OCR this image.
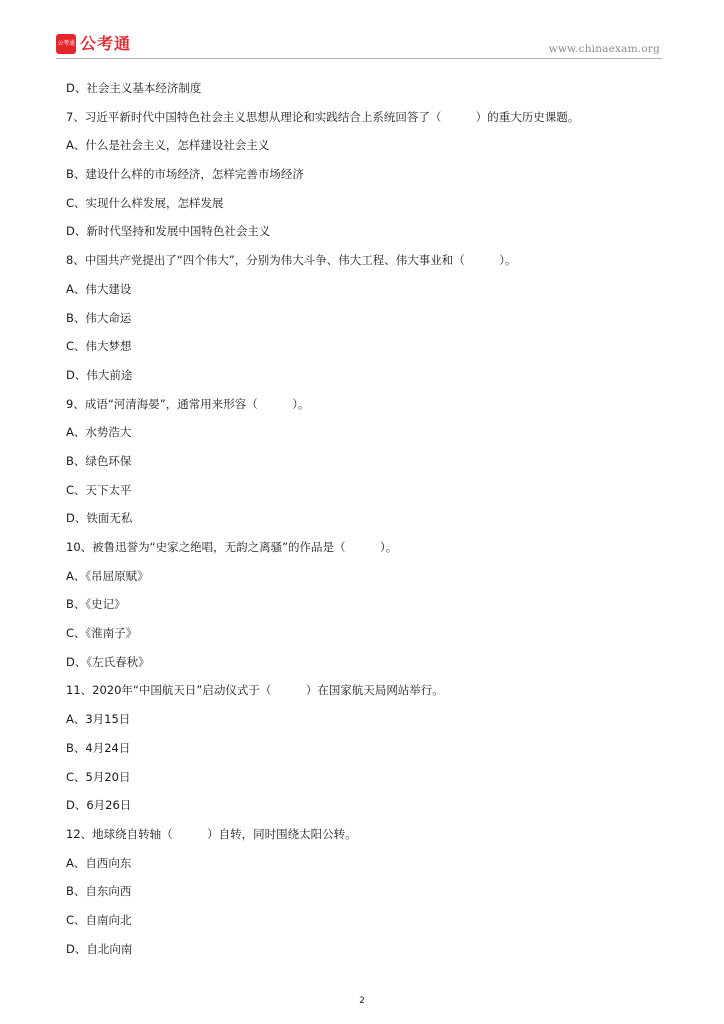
公考通 公考通	www.chinaexam.org
D、社会主义基本经济制度
7、习近平新时代中国特色社会主义思想从理论和实践结合上系统回答了（　　　）的重大历史课题。
A、什么是社会主义，怎样建设社会主义
B、建设什么样的市场经济，怎样完善市场经济
C、实现什么样发展，怎样发展
D、新时代坚持和发展中国特色社会主义
8、中国共产党提出了“四个伟大”，分别为伟大斗争、伟大工程、伟大事业和（　　　）。
A、伟大建设
B、伟大命运
C、伟大梦想
D、伟大前途
9、成语“河清海晏”，通常用来形容（　　　）。
A、水势浩大
B、绿色环保
C、天下太平
D、铁面无私
10、被鲁迅誉为“史家之绝唱，无韵之离骚”的作品是（　　　）。
A、《吊屈原赋》
B、《史记》
C、《淮南子》
D、《左氏春秋》
11、2020年“中国航天日”启动仪式于（　　　）在国家航天局网站举行。
A、3月15日
B、4月24日
C、5月20日
D、6月26日
12、地球绕自转轴（　　　）自转，同时围绕太阳公转。
A、自西向东
B、自东向西
C、自南向北
D、自北向南
2
